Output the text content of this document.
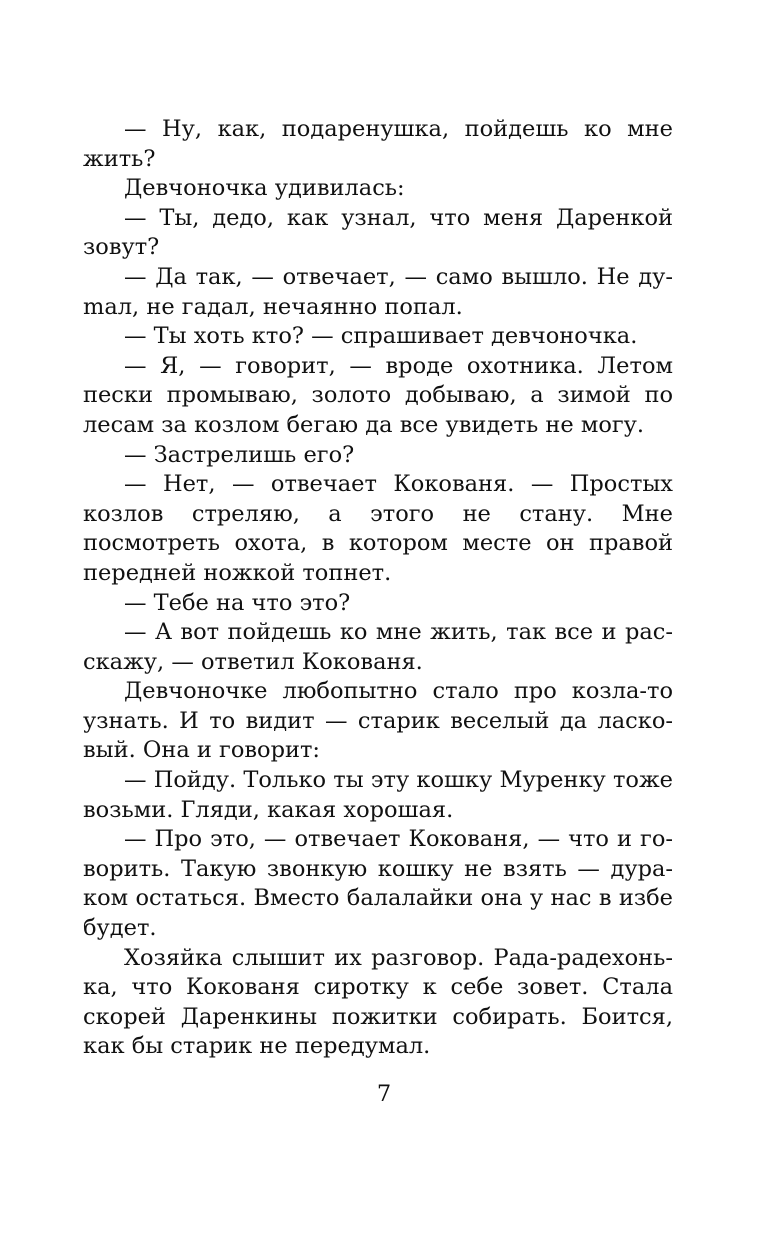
— Ну, как, подаренушка, пойдешь ко мне жить?

Девчоночка удивилась:

— Ты, дедо, как узнал, что меня Даренкой зовут?

— Да так, — отвечает, — само вышло. Не дуmал, не гадал, нечаянно попал.

— Ты хоть кто? — спрашивает девчоночка.

— Я, — говорит, — вроде охотника. Летом пески промываю, золото добываю, а зимой по лесам за козлом бегаю да все увидеть не могу.

— Застрелишь его?

— Нет, — отвечает Кокованя. — Простых козлов стреляю, а этого не стану. Мне посмотреть охота, в котором месте он правой передней ножкой топнет.

— Тебе на что это?

— А вот пойдешь ко мне жить, так все и расскажу, — ответил Кокованя.

Девчоночке любопытно стало про козла-то узнать. И то видит — старик веселый да ласковый. Она и говорит:

— Пойду. Только ты эту кошку Муренку тоже возьми. Гляди, какая хорошая.

— Про это, — отвечает Кокованя, — что и говорить. Такую звонкую кошку не взять — дураком остаться. Вместо балалайки она у нас в избе будет.

Хозяйка слышит их разговор. Рада-радехонька, что Кокованя сиротку к себе зовет. Стала скорей Даренкины пожитки собирать. Боится, как бы старик не передумал.

7
